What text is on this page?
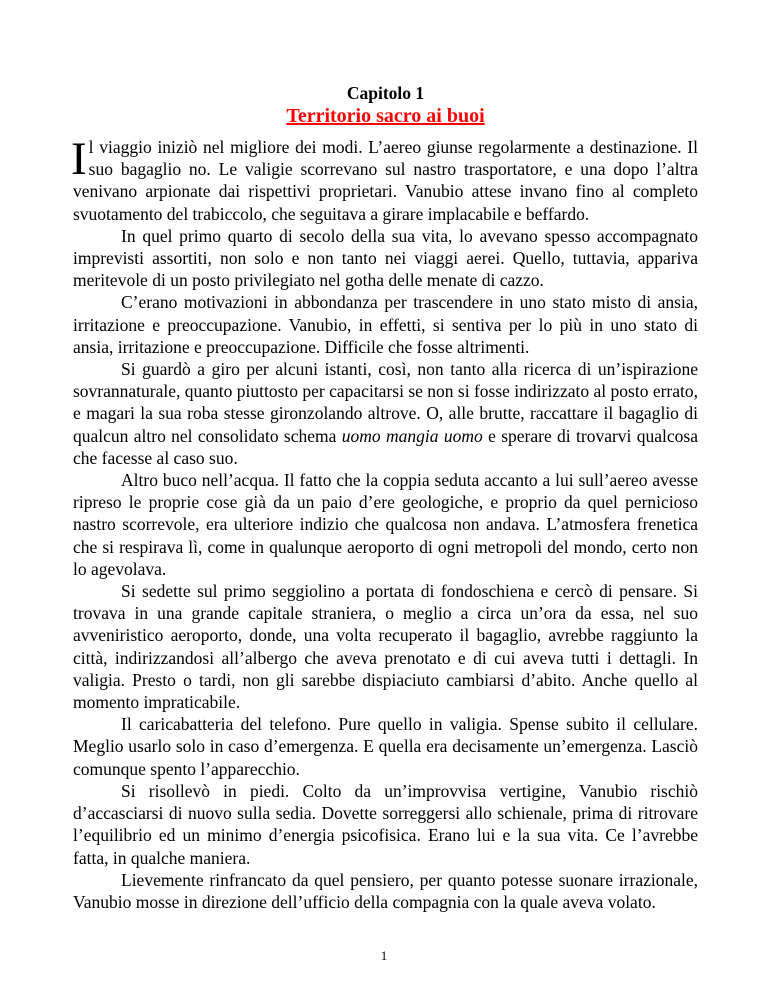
Capitolo 1
Territorio sacro ai buoi

Il viaggio iniziò nel migliore dei modi. L’aereo giunse regolarmente a destinazione. Il suo bagaglio no. Le valigie scorrevano sul nastro trasportatore, e una dopo l’altra venivano arpionate dai rispettivi proprietari. Vanubio attese invano fino al completo svuotamento del trabiccolo, che seguitava a girare implacabile e beffardo.

In quel primo quarto di secolo della sua vita, lo avevano spesso accompagnato imprevisti assortiti, non solo e non tanto nei viaggi aerei. Quello, tuttavia, appariva meritevole di un posto privilegiato nel gotha delle menate di cazzo.

C’erano motivazioni in abbondanza per trascendere in uno stato misto di ansia, irritazione e preoccupazione. Vanubio, in effetti, si sentiva per lo più in uno stato di ansia, irritazione e preoccupazione. Difficile che fosse altrimenti.

Si guardò a giro per alcuni istanti, così, non tanto alla ricerca di un’ispirazione sovrannaturale, quanto piuttosto per capacitarsi se non si fosse indirizzato al posto errato, e magari la sua roba stesse gironzolando altrove. O, alle brutte, raccattare il bagaglio di qualcun altro nel consolidato schema uomo mangia uomo e sperare di trovarvi qualcosa che facesse al caso suo.

Altro buco nell’acqua. Il fatto che la coppia seduta accanto a lui sull’aereo avesse ripreso le proprie cose già da un paio d’ere geologiche, e proprio da quel pernicioso nastro scorrevole, era ulteriore indizio che qualcosa non andava. L’atmosfera frenetica che si respirava lì, come in qualunque aeroporto di ogni metropoli del mondo, certo non lo agevolava.

Si sedette sul primo seggiolino a portata di fondoschiena e cercò di pensare. Si trovava in una grande capitale straniera, o meglio a circa un’ora da essa, nel suo avveniristico aeroporto, donde, una volta recuperato il bagaglio, avrebbe raggiunto la città, indirizzandosi all’albergo che aveva prenotato e di cui aveva tutti i dettagli. In valigia. Presto o tardi, non gli sarebbe dispiaciuto cambiarsi d’abito. Anche quello al momento impraticabile.

Il caricabatteria del telefono. Pure quello in valigia. Spense subito il cellulare. Meglio usarlo solo in caso d’emergenza. E quella era decisamente un’emergenza. Lasciò comunque spento l’apparecchio.

Si risollevò in piedi. Colto da un’improvvisa vertigine, Vanubio rischiò d’accasciarsi di nuovo sulla sedia. Dovette sorreggersi allo schienale, prima di ritrovare l’equilibrio ed un minimo d’energia psicofisica. Erano lui e la sua vita. Ce l’avrebbe fatta, in qualche maniera.

Lievemente rinfrancato da quel pensiero, per quanto potesse suonare irrazionale, Vanubio mosse in direzione dell’ufficio della compagnia con la quale aveva volato.

1
